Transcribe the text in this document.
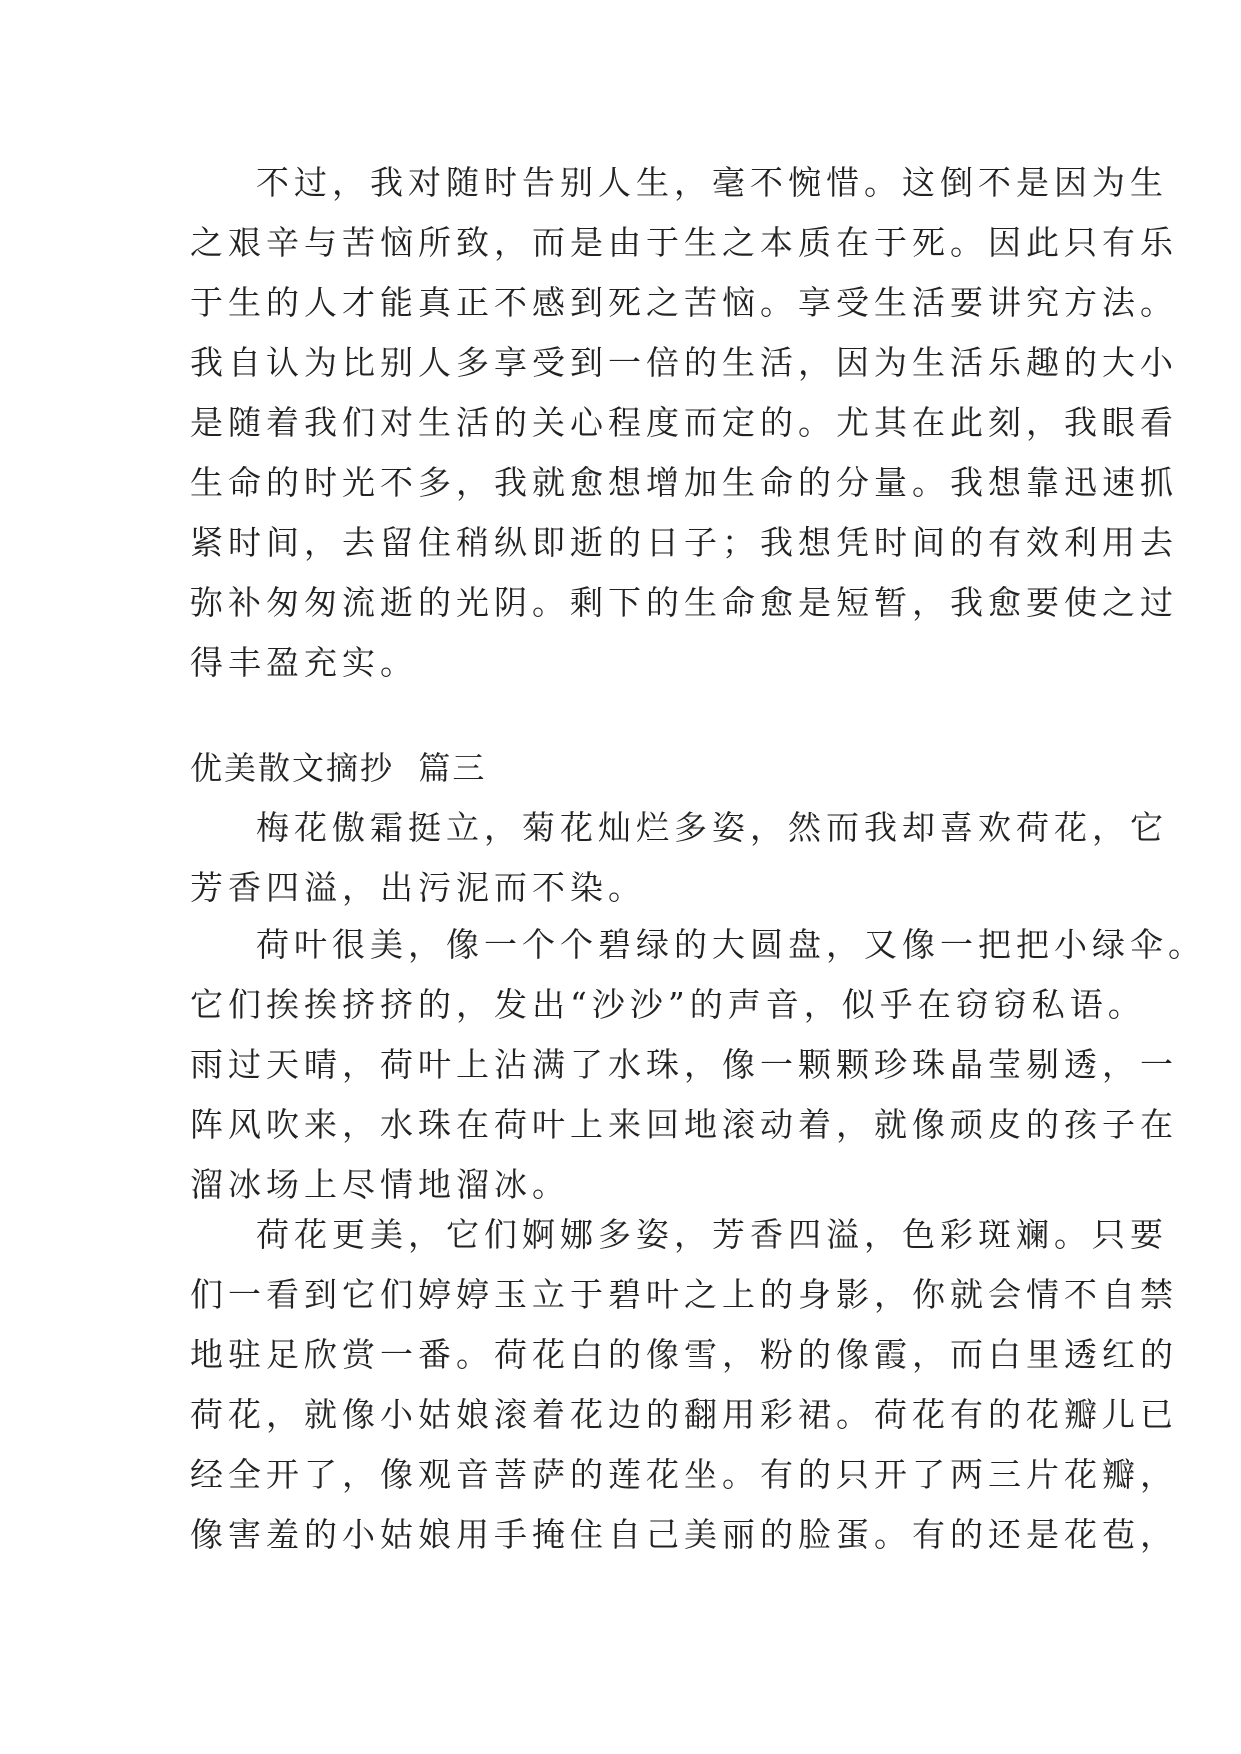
不过，我对随时告别人生，毫不惋惜。这倒不是因为生
之艰辛与苦恼所致，而是由于生之本质在于死。因此只有乐
于生的人才能真正不感到死之苦恼。享受生活要讲究方法。
我自认为比别人多享受到一倍的生活，因为生活乐趣的大小
是随着我们对生活的关心程度而定的。尤其在此刻，我眼看
生命的时光不多，我就愈想增加生命的分量。我想靠迅速抓
紧时间，去留住稍纵即逝的日子；我想凭时间的有效利用去
弥补匆匆流逝的光阴。剩下的生命愈是短暂，我愈要使之过
得丰盈充实。
优美散文摘抄  篇三
梅花傲霜挺立，菊花灿烂多姿，然而我却喜欢荷花，它
芳香四溢，出污泥而不染。
荷叶很美，像一个个碧绿的大圆盘，又像一把把小绿伞。
它们挨挨挤挤的，发出“沙沙”的声音，似乎在窃窃私语。
雨过天晴，荷叶上沾满了水珠，像一颗颗珍珠晶莹剔透，一
阵风吹来，水珠在荷叶上来回地滚动着，就像顽皮的孩子在
溜冰场上尽情地溜冰。
荷花更美，它们婀娜多姿，芳香四溢，色彩斑斓。只要
们一看到它们婷婷玉立于碧叶之上的身影，你就会情不自禁
地驻足欣赏一番。荷花白的像雪，粉的像霞，而白里透红的
荷花，就像小姑娘滚着花边的翻用彩裙。荷花有的花瓣儿已
经全开了，像观音菩萨的莲花坐。有的只开了两三片花瓣，
像害羞的小姑娘用手掩住自己美丽的脸蛋。有的还是花苞，
